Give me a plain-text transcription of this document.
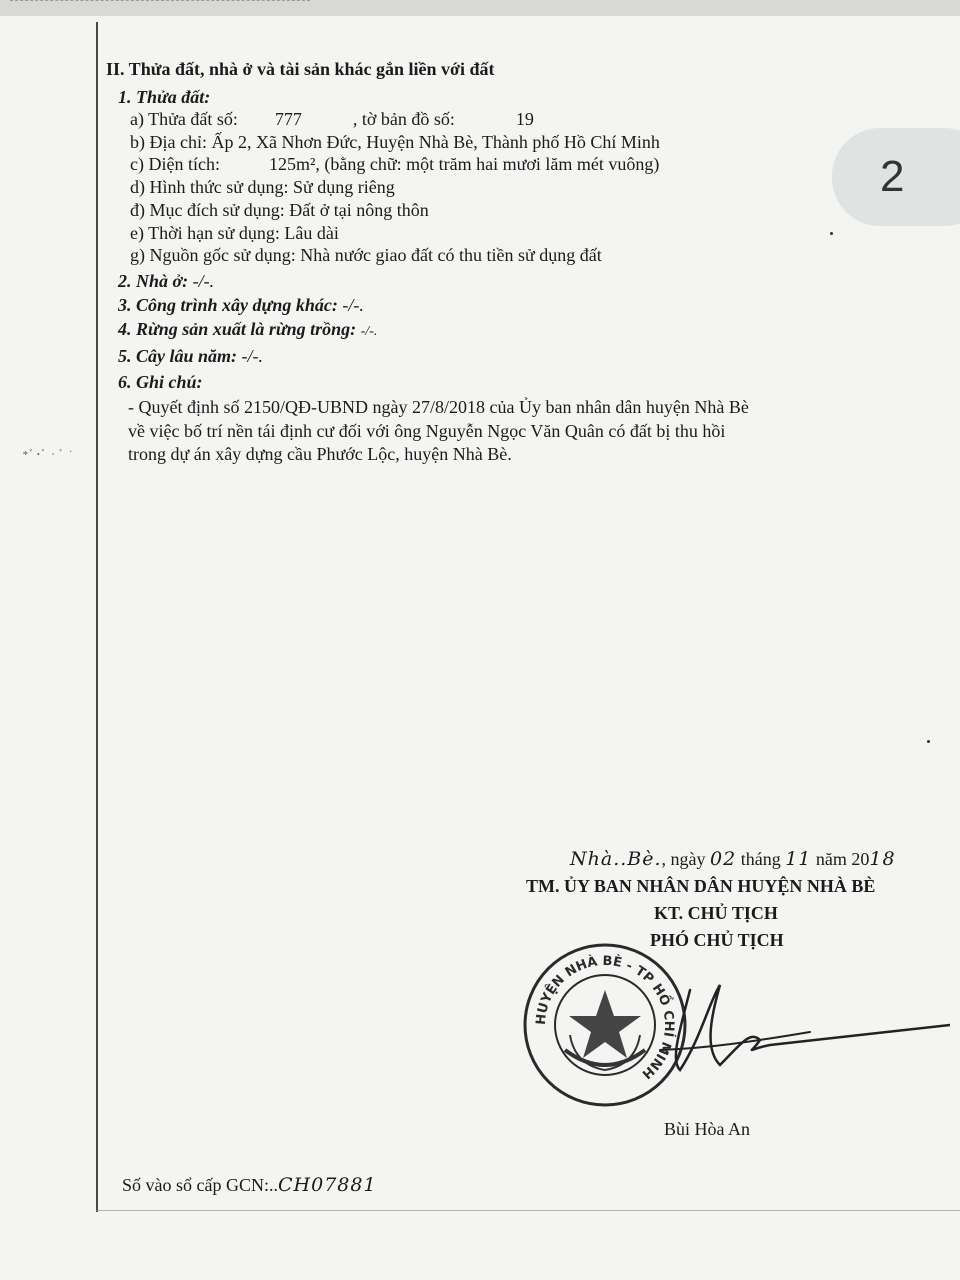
2
II. Thửa đất, nhà ở và tài sản khác gắn liền với đất
1. Thửa đất:
a) Thửa đất số: 777	, tờ bản đồ số:	19
b) Địa chỉ: Ấp 2, Xã Nhơn Đức, Huyện Nhà Bè, Thành phố Hồ Chí Minh
c) Diện tích:	125m², (bằng chữ: một trăm hai mươi lăm mét vuông)
d) Hình thức sử dụng: Sử dụng riêng
đ) Mục đích sử dụng: Đất ở tại nông thôn
e) Thời hạn sử dụng: Lâu dài
g) Nguồn gốc sử dụng: Nhà nước giao đất có thu tiền sử dụng đất
2. Nhà ở: -/-.
3. Công trình xây dựng khác: -/-.
4. Rừng sản xuất là rừng trồng: -/-.
5. Cây lâu năm: -/-.
6. Ghi chú:
- Quyết định số 2150/QĐ-UBND ngày 27/8/2018 của Ủy ban nhân dân huyện Nhà Bè
về việc bố trí nền tái định cư đối với ông Nguyễn Ngọc Văn Quân có đất bị thu hồi
trong dự án xây dựng cầu Phước Lộc, huyện Nhà Bè.
ﾠ*ﾞ˙ﾞ•ﾞ ˙
Nhà..Bè., ngày 02 tháng 11 năm 2018
TM. ỦY BAN NHÂN DÂN HUYỆN NHÀ BÈ
KT. CHỦ TỊCH
PHÓ CHỦ TỊCH
HUYỆN NHÀ BÈ - TP HỒ CHÍ MINH
Bùi Hòa An
Số vào sổ cấp GCN:..CH07881
